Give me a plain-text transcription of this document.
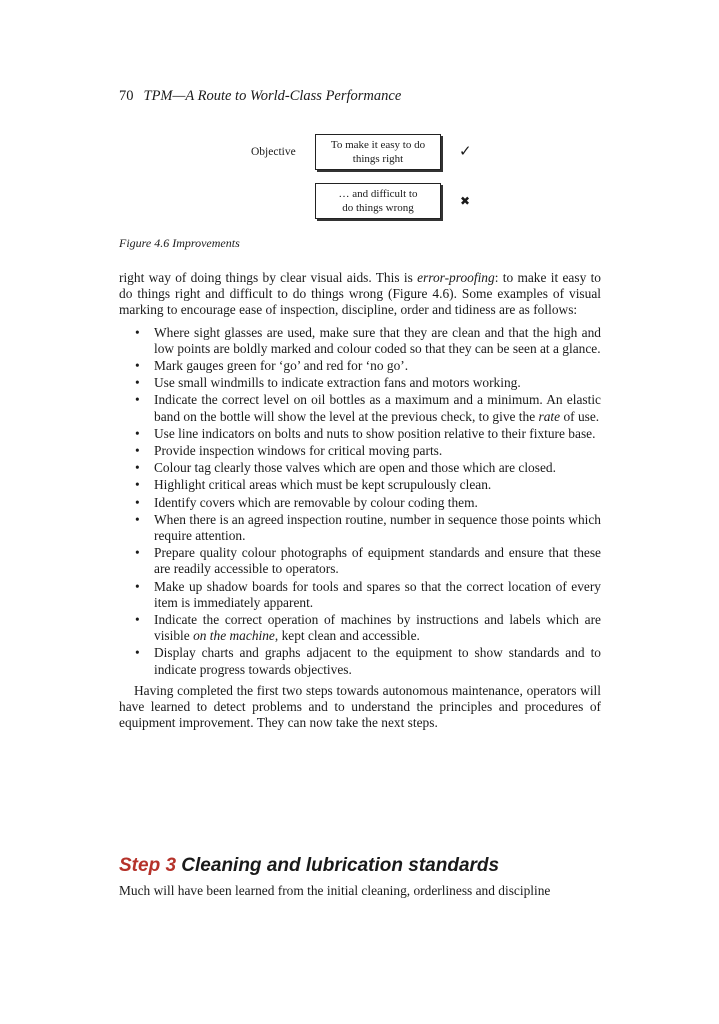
70 TPM—A Route to World-Class Performance
Objective
To make it easy to do
things right
… and difficult to
do things wrong
✓
✖
Figure 4.6 Improvements

right way of doing things by clear visual aids. This is error-proofing: to make it easy to do things right and difficult to do things wrong (Figure 4.6). Some examples of visual marking to encourage ease of inspection, discipline, order and tidiness are as follows:

• Where sight glasses are used, make sure that they are clean and that the high and low points are boldly marked and colour coded so that they can be seen at a glance.
• Mark gauges green for ‘go’ and red for ‘no go’.
• Use small windmills to indicate extraction fans and motors working.
• Indicate the correct level on oil bottles as a maximum and a minimum. An elastic band on the bottle will show the level at the previous check, to give the rate of use.
• Use line indicators on bolts and nuts to show position relative to their fixture base.
• Provide inspection windows for critical moving parts.
• Colour tag clearly those valves which are open and those which are closed.
• Highlight critical areas which must be kept scrupulously clean.
• Identify covers which are removable by colour coding them.
• When there is an agreed inspection routine, number in sequence those points which require attention.
• Prepare quality colour photographs of equipment standards and ensure that these are readily accessible to operators.
• Make up shadow boards for tools and spares so that the correct location of every item is immediately apparent.
• Indicate the correct operation of machines by instructions and labels which are visible on the machine, kept clean and accessible.
• Display charts and graphs adjacent to the equipment to show standards and to indicate progress towards objectives.

Having completed the first two steps towards autonomous maintenance, operators will have learned to detect problems and to understand the principles and procedures of equipment improvement. They can now take the next steps.

Step 3 Cleaning and lubrication standards
Much will have been learned from the initial cleaning, orderliness and discipline
